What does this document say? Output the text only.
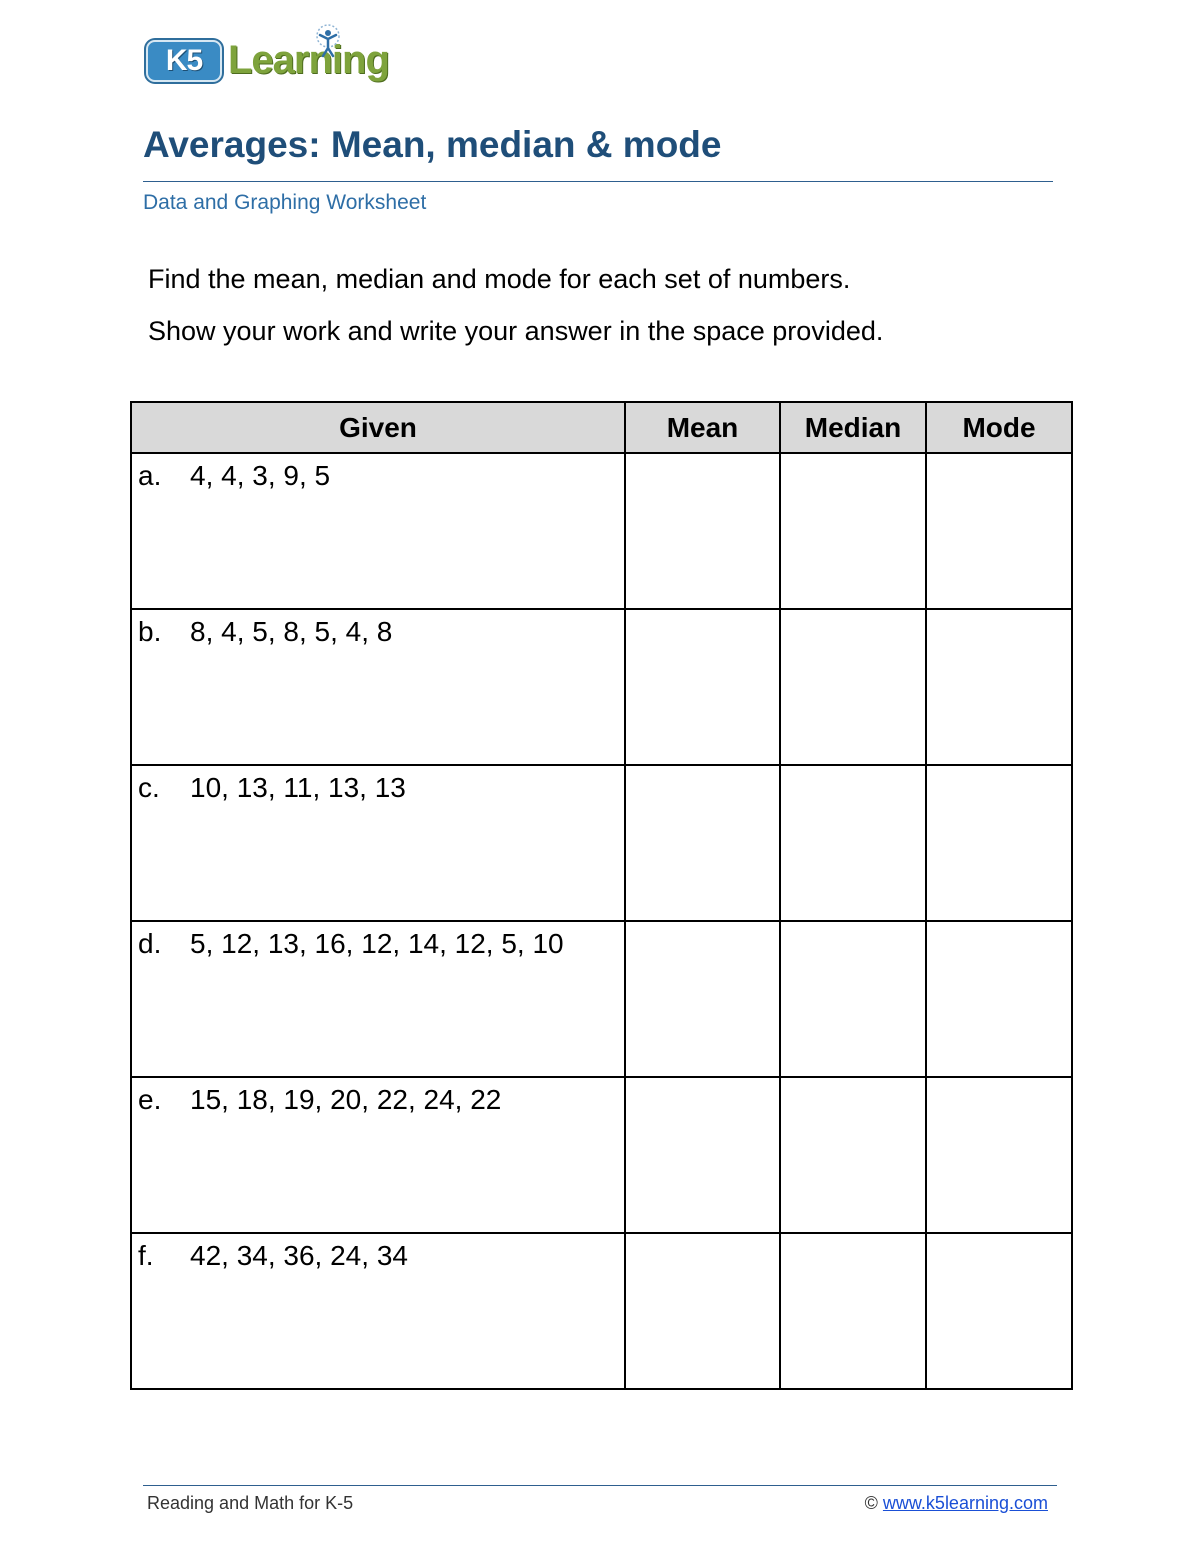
K5 Learning
Averages: Mean, median & mode
Data and Graphing Worksheet
Find the mean, median and mode for each set of numbers.
Show your work and write your answer in the space provided.
Given	Mean	Median	Mode
a. 4, 4, 3, 9, 5			
b. 8, 4, 5, 8, 5, 4, 8			
c. 10, 13, 11, 13, 13			
d. 5, 12, 13, 16, 12, 14, 12, 5, 10			
e. 15, 18, 19, 20, 22, 24, 22			
f. 42, 34, 36, 24, 34			
Reading and Math for K-5	© www.k5learning.com
